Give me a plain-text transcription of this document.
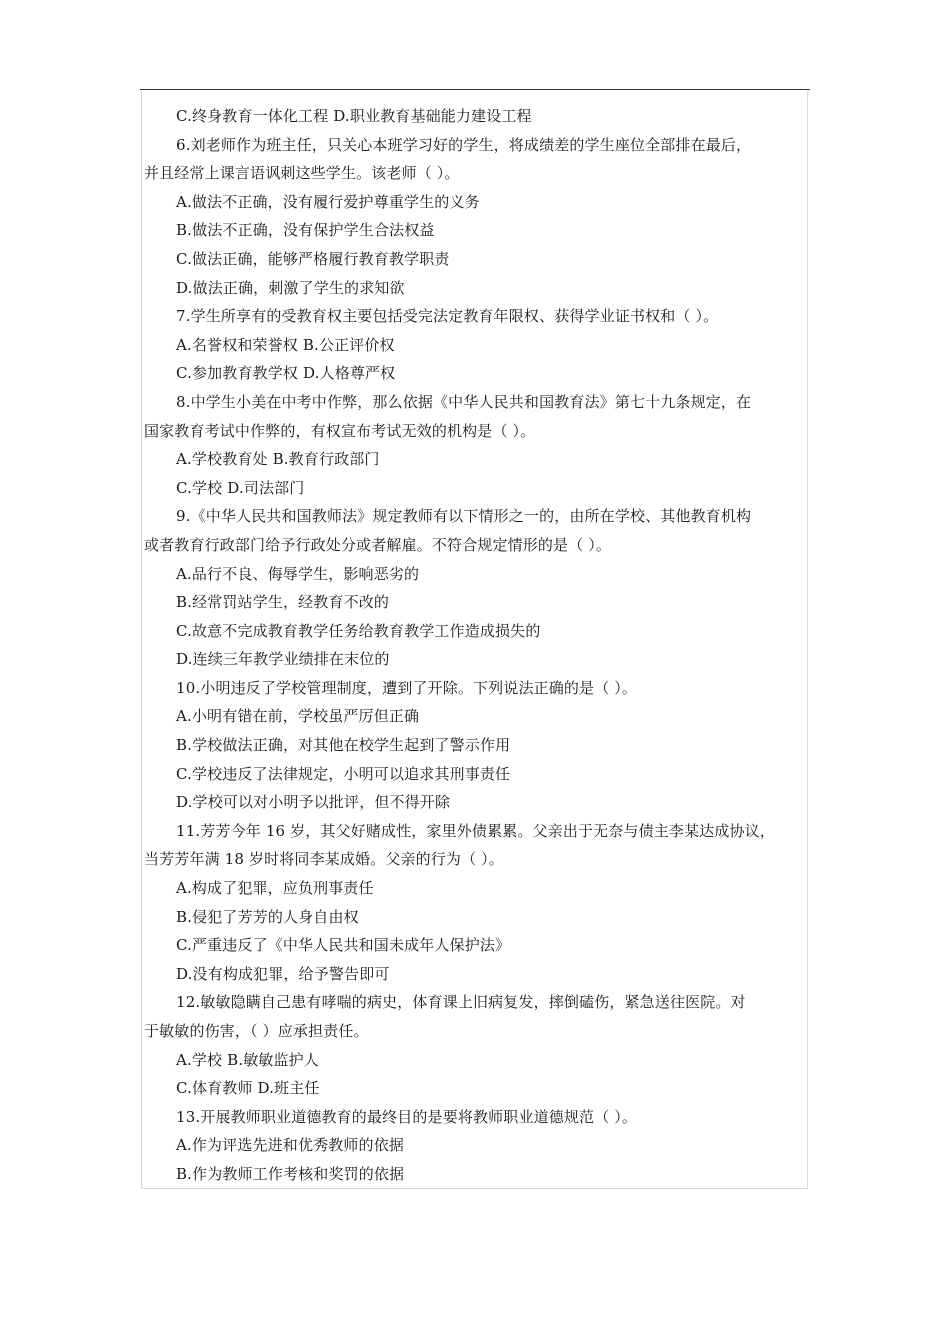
C.终身教育一体化工程 D.职业教育基础能力建设工程
6.刘老师作为班主任，只关心本班学习好的学生，将成绩差的学生座位全部排在最后，
并且经常上课言语讽刺这些学生。该老师（ ）。
A.做法不正确，没有履行爱护尊重学生的义务
B.做法不正确，没有保护学生合法权益
C.做法正确，能够严格履行教育教学职责
D.做法正确，刺激了学生的求知欲
7.学生所享有的受教育权主要包括受完法定教育年限权、获得学业证书权和（ ）。
A.名誉权和荣誉权 B.公正评价权
C.参加教育教学权 D.人格尊严权
8.中学生小美在中考中作弊，那么依据《中华人民共和国教育法》第七十九条规定，在
国家教育考试中作弊的，有权宣布考试无效的机构是（ ）。
A.学校教育处 B.教育行政部门
C.学校 D.司法部门
9.《中华人民共和国教师法》规定教师有以下情形之一的，由所在学校、其他教育机构
或者教育行政部门给予行政处分或者解雇。不符合规定情形的是（ ）。
A.品行不良、侮辱学生，影响恶劣的
B.经常罚站学生，经教育不改的
C.故意不完成教育教学任务给教育教学工作造成损失的
D.连续三年教学业绩排在末位的
10.小明违反了学校管理制度，遭到了开除。下列说法正确的是（ ）。
A.小明有错在前，学校虽严厉但正确
B.学校做法正确，对其他在校学生起到了警示作用
C.学校违反了法律规定，小明可以追求其刑事责任
D.学校可以对小明予以批评，但不得开除
11.芳芳今年 16 岁，其父好赌成性，家里外债累累。父亲出于无奈与债主李某达成协议，
当芳芳年满 18 岁时将同李某成婚。父亲的行为（ ）。
A.构成了犯罪，应负刑事责任
B.侵犯了芳芳的人身自由权
C.严重违反了《中华人民共和国未成年人保护法》
D.没有构成犯罪，给予警告即可
12.敏敏隐瞒自己患有哮喘的病史，体育课上旧病复发，摔倒磕伤，紧急送往医院。对
于敏敏的伤害，（ ）应承担责任。
A.学校 B.敏敏监护人
C.体育教师 D.班主任
13.开展教师职业道德教育的最终目的是要将教师职业道德规范（ ）。
A.作为评选先进和优秀教师的依据
B.作为教师工作考核和奖罚的依据
